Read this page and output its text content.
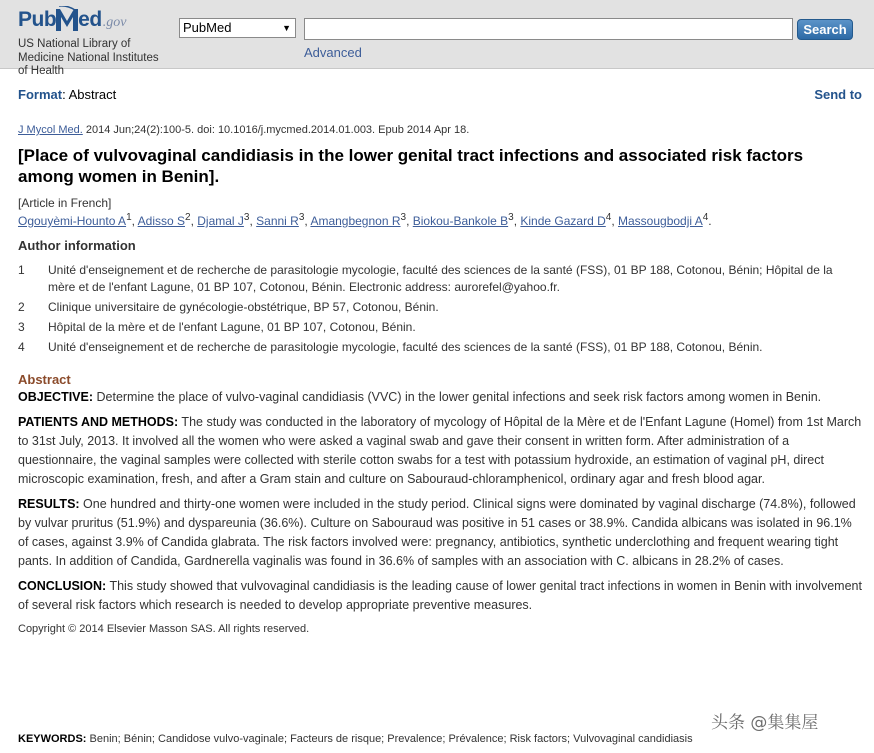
Pub ed.gov
US National Library of
Medicine National Institutes
of Health
PubMed	▼	Search
Advanced
Format: Abstract	Send to

J Mycol Med. 2014 Jun;24(2):100-5. doi: 10.1016/j.mycmed.2014.01.003. Epub 2014 Apr 18.

[Place of vulvovaginal candidiasis in the lower genital tract infections and associated risk factors among women in Benin].
[Article in French]
Ogouyèmi-Hounto $A^1$, Adisso $S^2$, Djamal $J^3$, Sanni $R^3$, Amangbegnon $R^3$, Biokou-Bankole $B^3$, Kinde Gazard $D^4$, Massougbodji $A^4$.
Author information
1 Unité d'enseignement et de recherche de parasitologie mycologie, faculté des sciences de la santé (FSS), 01 BP 188, Cotonou, Bénin; Hôpital de la mère et de l'enfant Lagune, 01 BP 107, Cotonou, Bénin. Electronic address: aurorefel@yahoo.fr.
2 Clinique universitaire de gynécologie-obstétrique, BP 57, Cotonou, Bénin.
3 Hôpital de la mère et de l'enfant Lagune, 01 BP 107, Cotonou, Bénin.
4 Unité d'enseignement et de recherche de parasitologie mycologie, faculté des sciences de la santé (FSS), 01 BP 188, Cotonou, Bénin.
Abstract

OBJECTIVE: Determine the place of vulvo-vaginal candidiasis (VVC) in the lower genital infections and seek risk factors among women in Benin.

PATIENTS AND METHODS: The study was conducted in the laboratory of mycology of Hôpital de la Mère et de l'Enfant Lagune (Homel) from 1st March to 31st July, 2013. It involved all the women who were asked a vaginal swab and gave their consent in written form. After administration of a questionnaire, the vaginal samples were collected with sterile cotton swabs for a test with potassium hydroxide, an estimation of vaginal pH, direct microscopic examination, fresh, and after a Gram stain and culture on Sabouraud-chloramphenicol, ordinary agar and fresh blood agar.

RESULTS: One hundred and thirty-one women were included in the study period. Clinical signs were dominated by vaginal discharge (74.8%), followed by vulvar pruritus (51.9%) and dyspareunia (36.6%). Culture on Sabouraud was positive in 51 cases or 38.9%. Candida albicans was isolated in 96.1% of cases, against 3.9% of Candida glabrata. The risk factors involved were: pregnancy, antibiotics, synthetic underclothing and frequent wearing tight pants. In addition of Candida, Gardnerella vaginalis was found in 36.6% of samples with an association with C. albicans in 28.2% of cases.

CONCLUSION: This study showed that vulvovaginal candidiasis is the leading cause of lower genital tract infections in women in Benin with involvement of several risk factors which research is needed to develop appropriate preventive measures.

Copyright © 2014 Elsevier Masson SAS. All rights reserved.
KEYWORDS: Benin; Bénin; Candidose vulvo-vaginale; Facteurs de risque; Prevalence; Prévalence; Risk factors; Vulvovaginal candidiasis
头条 @集集屋
